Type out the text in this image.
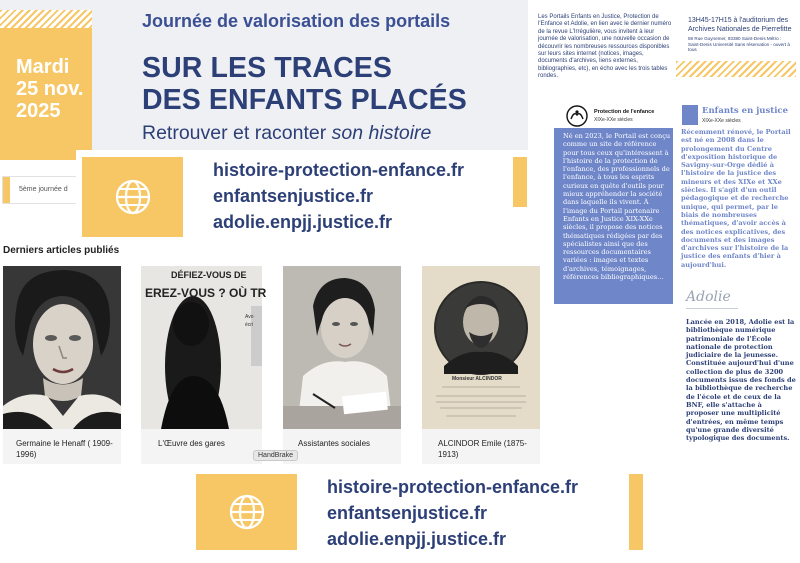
Mardi
25 nov.
2025
Journée de valorisation des portails
SUR LES TRACES
DES ENFANTS PLACÉS
Retrouver et raconter son histoire
5ème journée d
histoire-protection-enfance.fr
enfantsenjustice.fr
adolie.enpjj.justice.fr
Derniers articles publiés
Germaine le Henaff ( 1909-1996)
Avo
écri
DÉFIEZ-VOUS DE
EREZ-VOUS ? OÙ TR
L'Œuvre des gares	Assistantes sociales
Monsieur ALCINDOR
ALCINDOR Emile (1875-1913)
HandBrake
histoire-protection-enfance.fr
enfantsenjustice.fr
adolie.enpjj.justice.fr
Les Portails Enfants en Justice, Protection de l'Enfance et Adolie, en lien avec le dernier numéro de la revue L'Irrégulière, vous invitent à leur journée de valorisation, une nouvelle occasion de découvrir les nombreuses ressources disponibles sur leurs sites internet (notices, images, documents d'archives, liens externes, bibliographies, etc), en écho avec les trois tables rondes.
13H45-17H15 à l'auditorium des Archives Nationales de Pierrefitte
59 Rue Guynemer, 93380 Saint-Denis Métro : Saint-Denis Université Sans réservation - ouvert à tous
Protection de l'enfance
XIXe-XXe siècles
Né en 2023, le Portail est conçu comme un site de référence pour tous ceux qu'intéressent à l'histoire de la protection de l'enfance, des professionnels de l'enfance, à tous les esprits curieux en quête d'outils pour mieux appréhender la société dans laquelle ils vivent. À l'image du Portail partenaire Enfants en Justice XIX-XXe siècles, il propose des notices thématiques rédigées par des spécialistes ainsi que des ressources documentaires variées : images et textes d'archives, témoignages, références bibliographiques...
Enfants en justice
XIXe-XXe siècles
Récemment rénové, le Portail est né en 2008 dans le prolongement du Centre d'exposition historique de Savigny-sur-Orge dédié à l'histoire de la justice des mineurs et des XIXe et XXe siècles. Il s'agit d'un outil pédagogique et de recherche unique, qui permet, par le biais de nombreuses thématiques, d'avoir accès à des notices explicatives, des documents et des images d'archives sur l'histoire de la justice des enfants d'hier à aujourd'hui.
Adolie
Lancée en 2018, Adolie est la bibliothèque numérique patrimoniale de l'École nationale de protection judiciaire de la jeunesse. Constituée aujourd'hui d'une collection de plus de 3200 documents issus des fonds de la bibliothèque de recherche de l'école et de ceux de la BNF, elle s'attache à proposer une multiplicité d'entrées, en même temps qu'une grande diversité typologique des documents.
